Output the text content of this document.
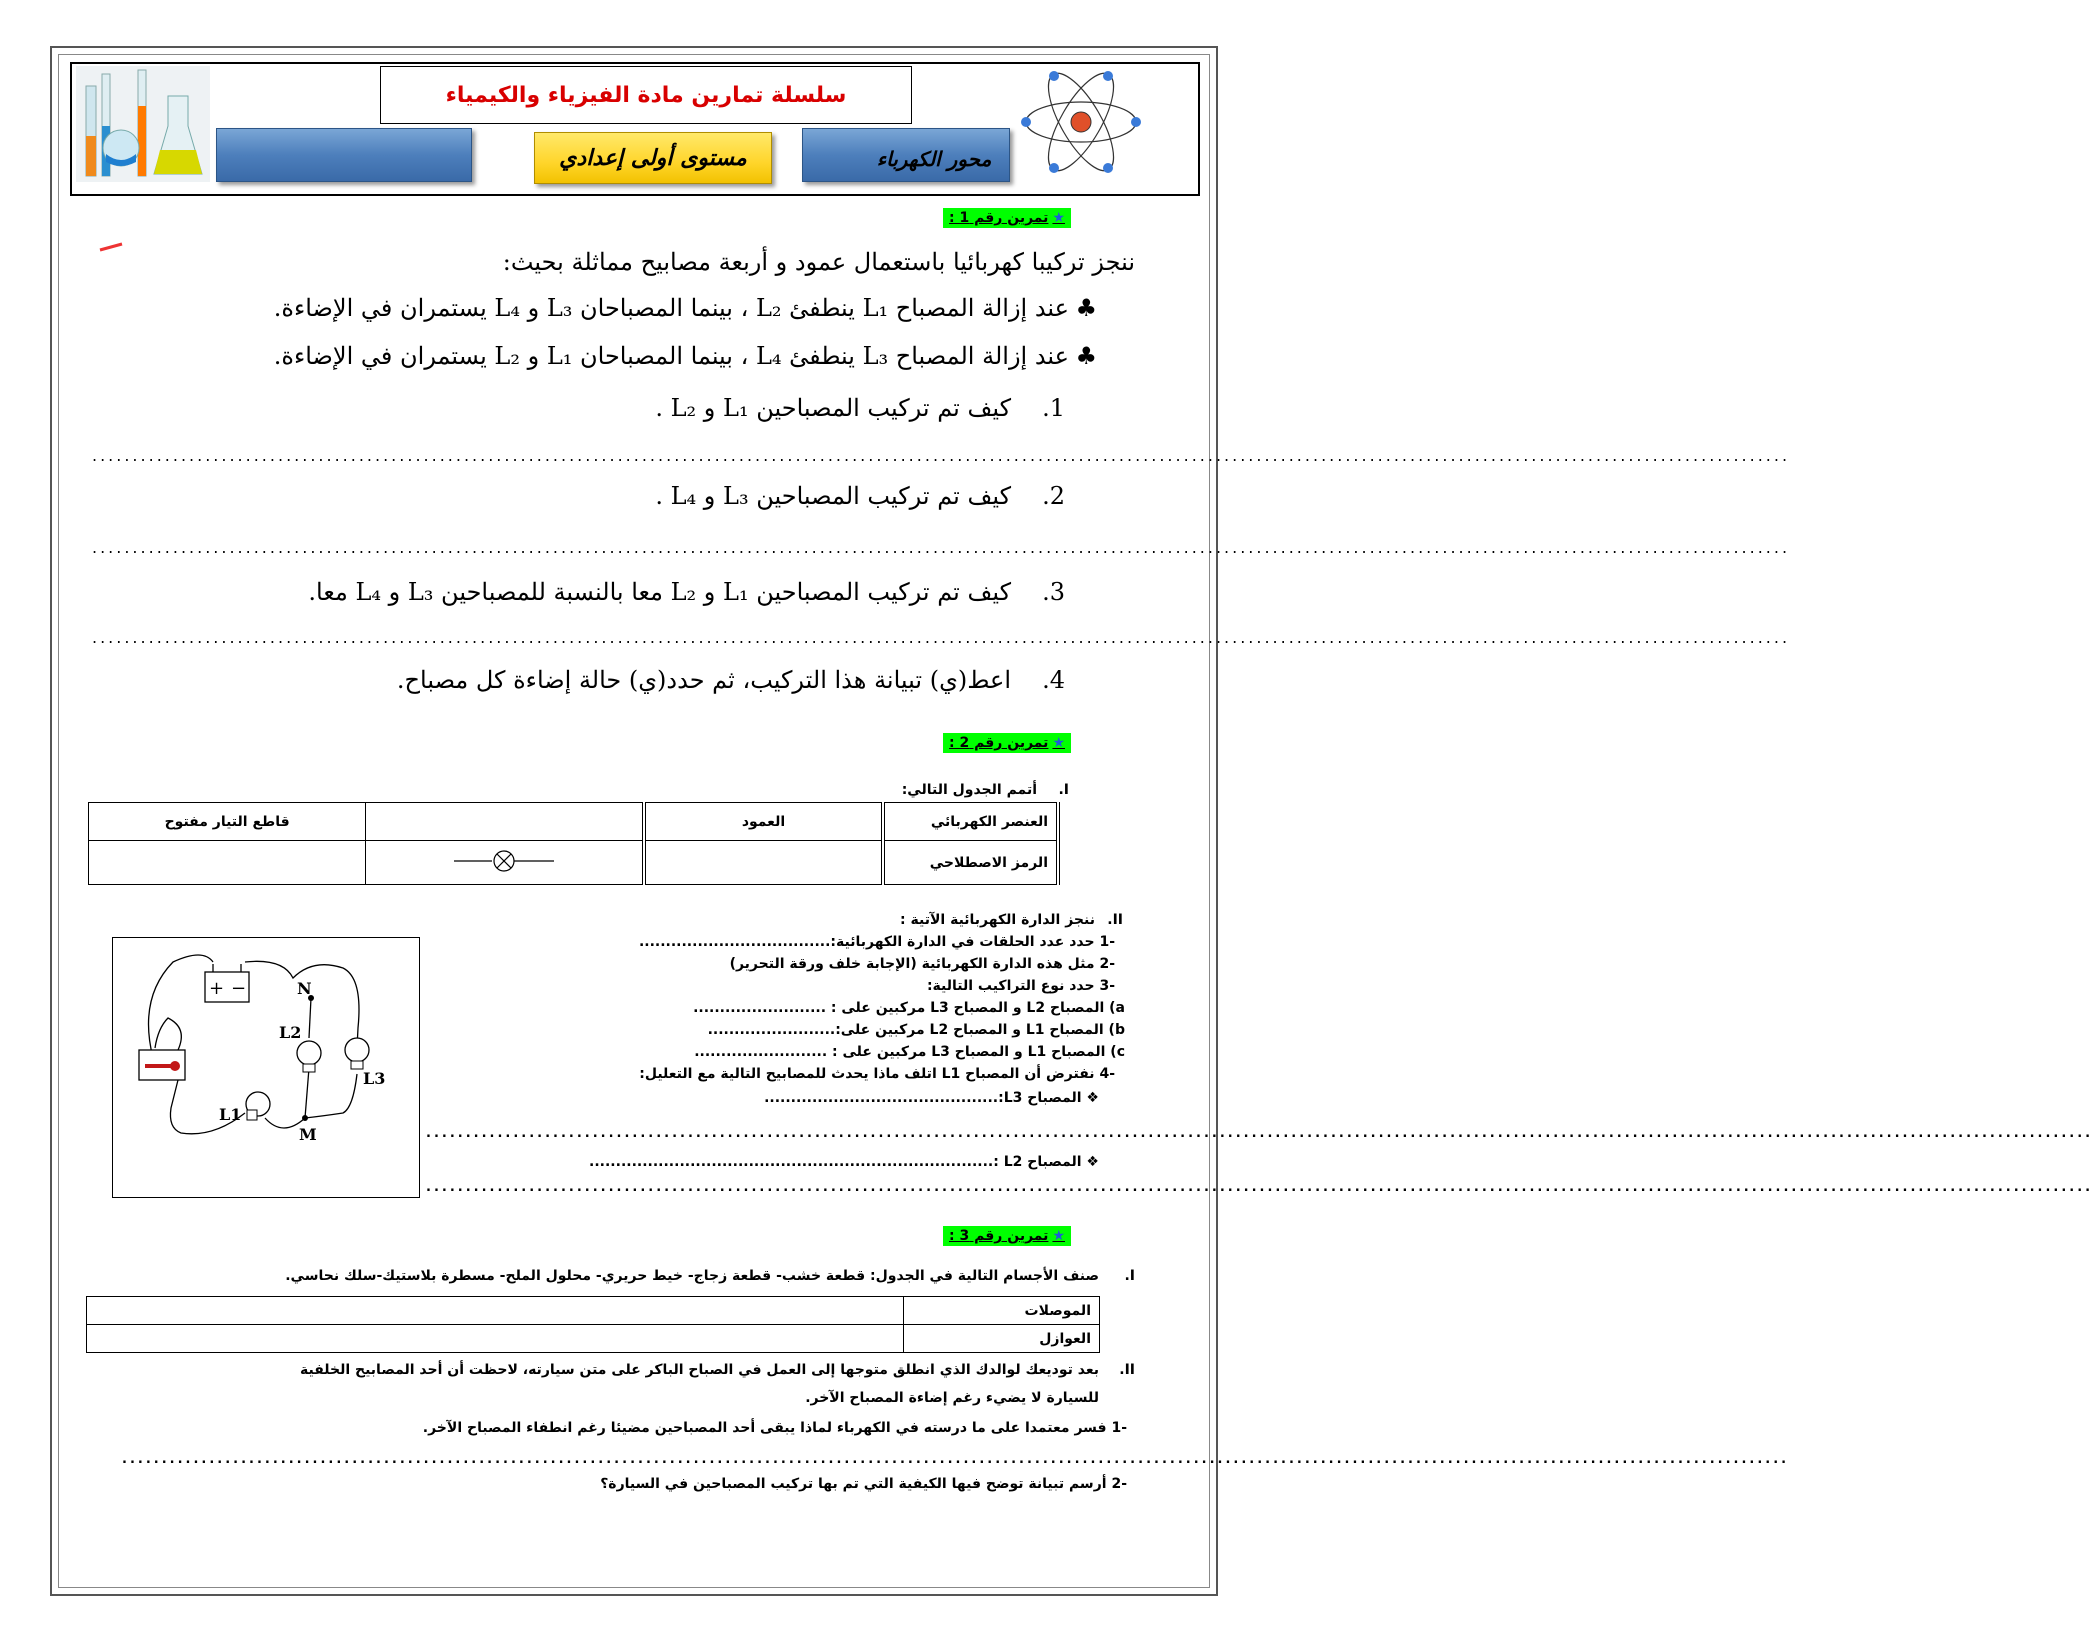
سلسلة تمارين مادة الفيزياء والكيمياء
محور الكهرباء
مستوى أولى إعدادي
★تمرين رقم 1 :
ننجز تركيبا كهربائيا باستعمال عمود و أربعة مصابيح مماثلة بحيث:
عند إزالة المصباح L₁ ينطفئ L₂ ، بينما المصباحان L₃ و L₄ يستمران في الإضاءة. ♣
عند إزالة المصباح L₃ ينطفئ L₄ ، بينما المصباحان L₁ و L₂ يستمران في الإضاءة. ♣
كيف تم تركيب المصباحين L₁ و L₂ . 1.
..................................................................................................................................................................................................................
كيف تم تركيب المصباحين L₃ و L₄ . 2.
..................................................................................................................................................................................................................
كيف تم تركيب المصباحين L₁ و L₂ معا بالنسبة للمصباحين L₃ و L₄ معا. 3.
..................................................................................................................................................................................................................
اعط(ي) تبيانة هذا التركيب، ثم حدد(ي) حالة إضاءة كل مصباح. 4.
★تمرين رقم 2 :
أتمم الجدول التالي: I.
قاطع التيار مفتوح		العمود	العنصر الكهربائي
			الرمز الاصطلاحي
ننجز الدارة الكهربائية الآتية : II.
-1 حدد عدد الحلقات في الدارة الكهربائية:....................................
-2 مثل هذه الدارة الكهربائية (الإجابة خلف ورقة التحرير)
-3 حدد نوع التراكيب التالية:
a) المصباح L2 و المصباح L3 مركبين على : .........................
b) المصباح L1 و المصباح L2 مركبين على:........................
c) المصباح L1 و المصباح L3 مركبين على : .........................
-4 نفترض أن المصباح L1 اتلف ماذا يحدث للمصابيح التالية مع التعليل:
❖ المصباح L3:............................................
..................................................................................................................................................................................................................
❖ المصباح L2 :............................................................................
..................................................................................................................................................................................................................
+ −	N
M
L2
L3
L1
★تمرين رقم 3 :
صنف الأجسام التالية في الجدول: قطعة خشب- قطعة زجاج- خيط حريري- محلول الملح- مسطرة بلاستيك-سلك نحاسي. I.
	الموصلات
	العوازل
بعد توديعك لوالدك الذي انطلق متوجها إلى العمل في الصباح الباكر على متن سيارته، لاحظت أن أحد المصابيح الخلفية II.
للسيارة لا يضيء رغم إضاءة المصباح الآخر.
-1 فسر معتمدا على ما درسته في الكهرباء لماذا يبقى أحد المصباحين مضيئا رغم انطفاء المصباح الآخر.
..................................................................................................................................................................................................................
-2 أرسم تبيانة توضح فيها الكيفية التي تم بها تركيب المصباحين في السيارة؟
